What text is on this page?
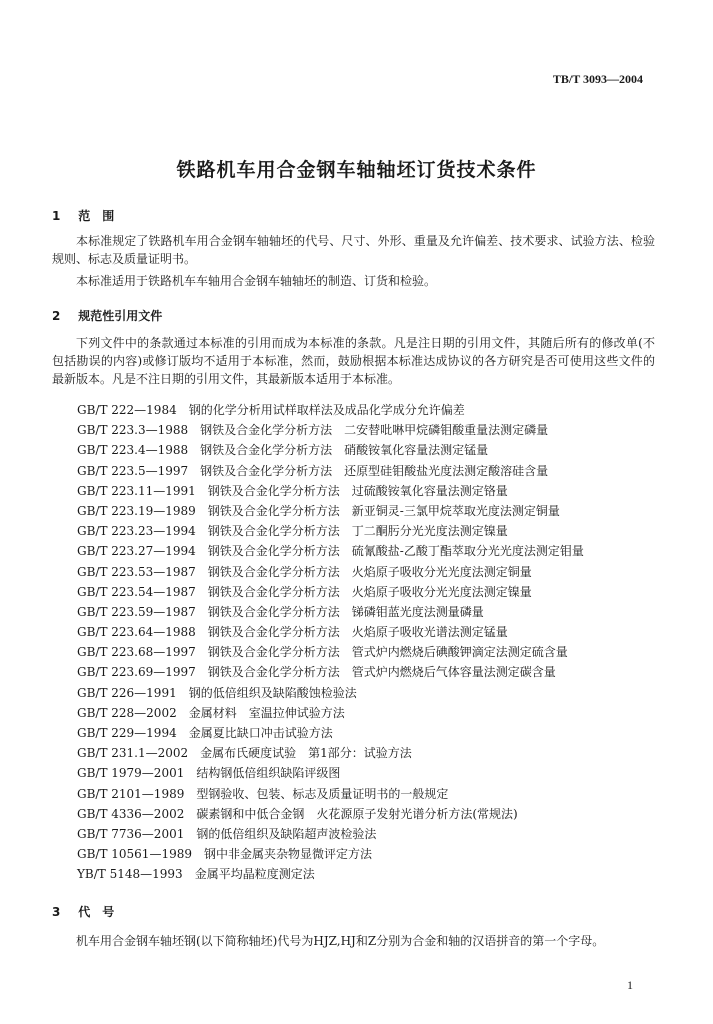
TB/T 3093—2004
铁路机车用合金钢车轴轴坯订货技术条件
1 范　围
本标准规定了铁路机车用合金钢车轴轴坯的代号、尺寸、外形、重量及允许偏差、技术要求、试验方法、检验规则、标志及质量证明书。
本标准适用于铁路机车车轴用合金钢车轴轴坯的制造、订货和检验。
2 规范性引用文件
下列文件中的条款通过本标准的引用而成为本标准的条款。凡是注日期的引用文件，其随后所有的修改单(不包括勘误的内容)或修订版均不适用于本标准，然而，鼓励根据本标准达成协议的各方研究是否可使用这些文件的最新版本。凡是不注日期的引用文件，其最新版本适用于本标准。
GB/T 222—1984 钢的化学分析用试样取样法及成品化学成分允许偏差
GB/T 223.3—1988 钢铁及合金化学分析方法　二安替吡啉甲烷磷钼酸重量法测定磷量
GB/T 223.4—1988 钢铁及合金化学分析方法　硝酸铵氧化容量法测定锰量
GB/T 223.5—1997 钢铁及合金化学分析方法　还原型硅钼酸盐光度法测定酸溶硅含量
GB/T 223.11—1991 钢铁及合金化学分析方法　过硫酸铵氧化容量法测定铬量
GB/T 223.19—1989 钢铁及合金化学分析方法　新亚铜灵-三氯甲烷萃取光度法测定铜量
GB/T 223.23—1994 钢铁及合金化学分析方法　丁二酮肟分光光度法测定镍量
GB/T 223.27—1994 钢铁及合金化学分析方法　硫氰酸盐-乙酸丁酯萃取分光光度法测定钼量
GB/T 223.53—1987 钢铁及合金化学分析方法　火焰原子吸收分光光度法测定铜量
GB/T 223.54—1987 钢铁及合金化学分析方法　火焰原子吸收分光光度法测定镍量
GB/T 223.59—1987 钢铁及合金化学分析方法　锑磷钼蓝光度法测量磷量
GB/T 223.64—1988 钢铁及合金化学分析方法　火焰原子吸收光谱法测定锰量
GB/T 223.68—1997 钢铁及合金化学分析方法　管式炉内燃烧后碘酸钾滴定法测定硫含量
GB/T 223.69—1997 钢铁及合金化学分析方法　管式炉内燃烧后气体容量法测定碳含量
GB/T 226—1991 钢的低倍组织及缺陷酸蚀检验法
GB/T 228—2002 金属材料　室温拉伸试验方法
GB/T 229—1994 金属夏比缺口冲击试验方法
GB/T 231.1—2002 金属布氏硬度试验　第1部分：试验方法
GB/T 1979—2001 结构钢低倍组织缺陷评级图
GB/T 2101—1989 型钢验收、包装、标志及质量证明书的一般规定
GB/T 4336—2002 碳素钢和中低合金钢　火花源原子发射光谱分析方法(常规法)
GB/T 7736—2001 钢的低倍组织及缺陷超声波检验法
GB/T 10561—1989 钢中非金属夹杂物显微评定方法
YB/T 5148—1993 金属平均晶粒度测定法
3 代　号
机车用合金钢车轴坯钢(以下简称轴坯)代号为HJZ,HJ和Z分别为合金和轴的汉语拼音的第一个字母。
1
